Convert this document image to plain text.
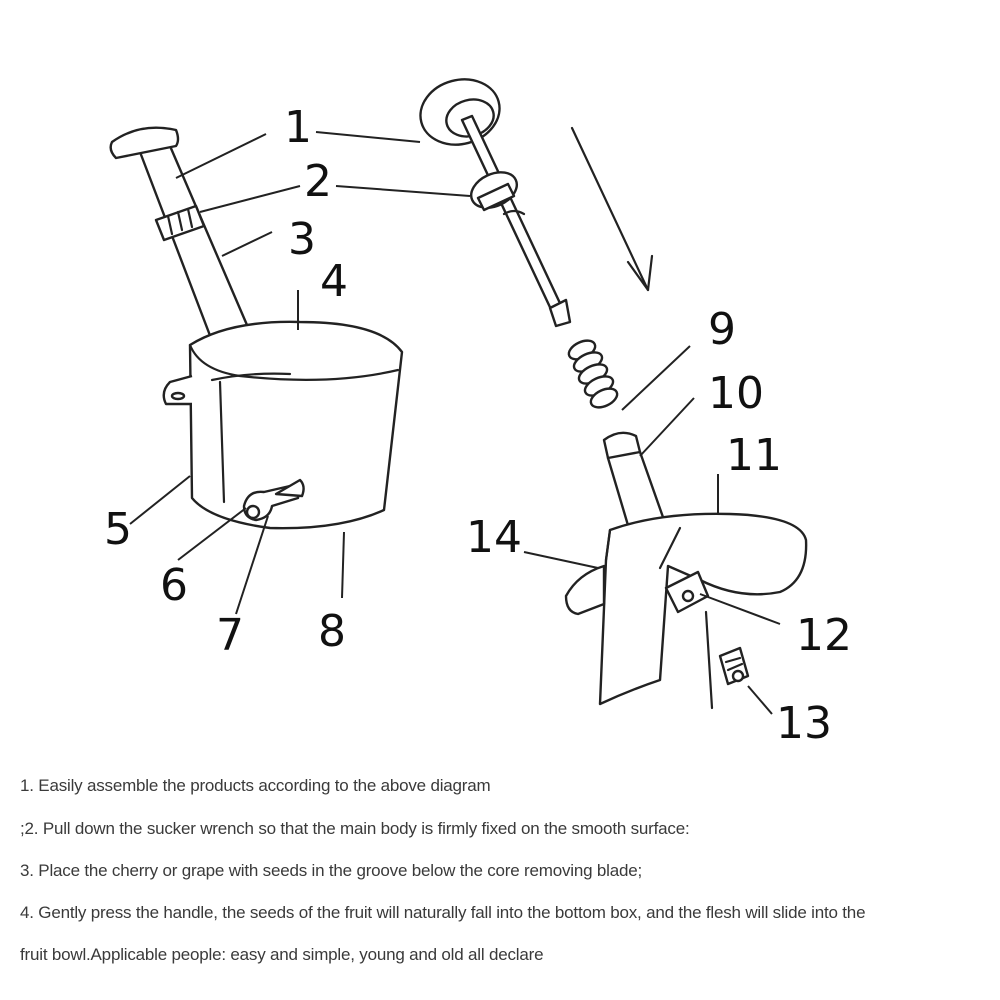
1
2
3
4
5
6
7 8
9
10
11
12
13
14

1. Easily assemble the products according to the above diagram

;2. Pull down the sucker wrench so that the main body is firmly fixed on the smooth surface:

3. Place the cherry or grape with seeds in the groove below the core removing blade;

4. Gently press the handle, the seeds of the fruit will naturally fall into the bottom box, and the flesh will slide into the

fruit bowl.Applicable people: easy and simple, young and old all declare
